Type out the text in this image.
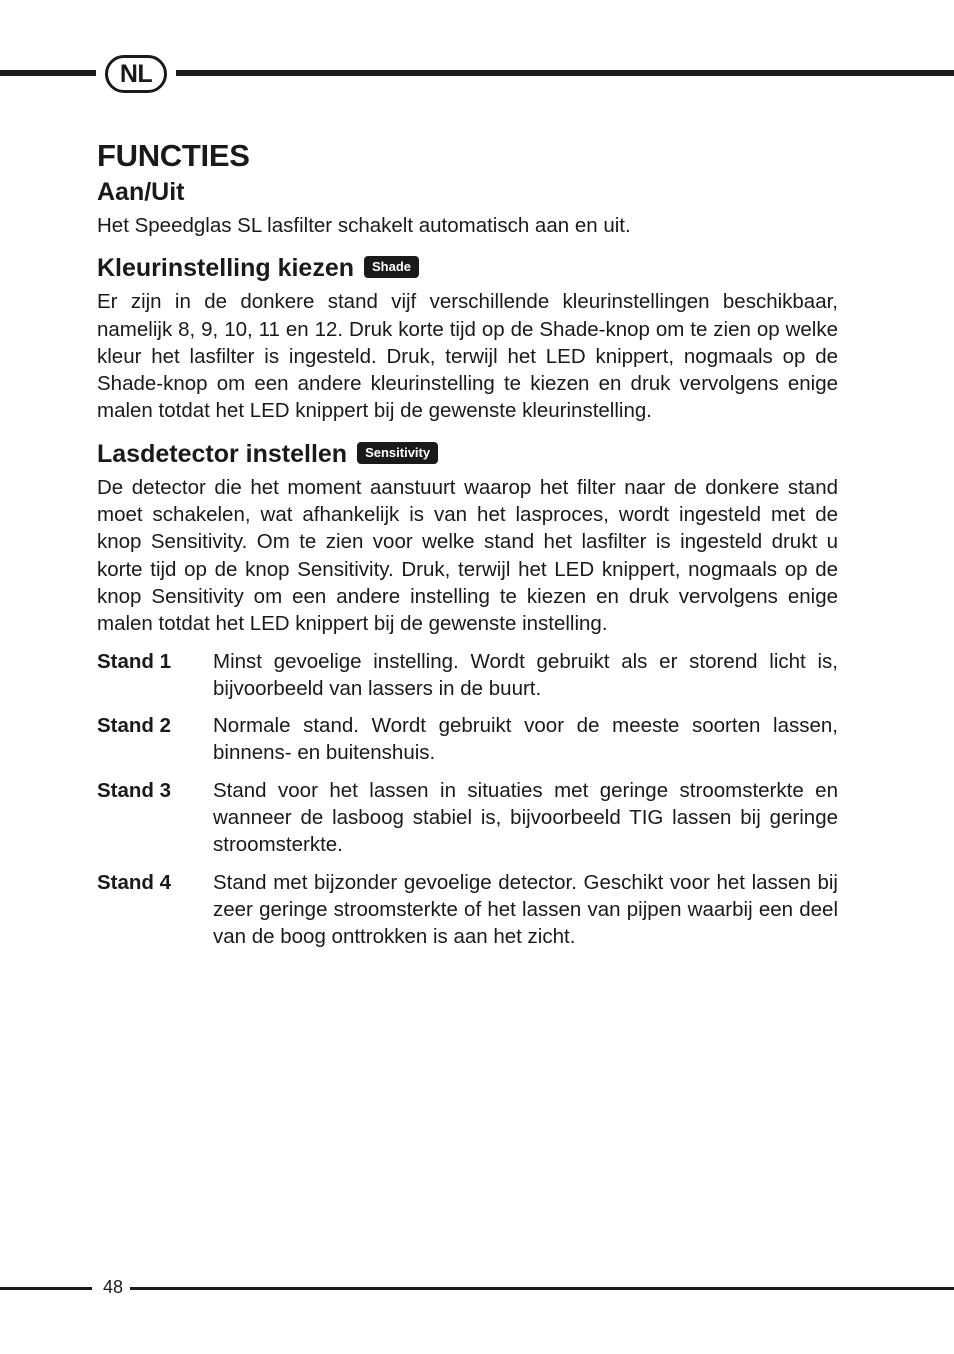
NL
FUNCTIES
Aan/Uit

Het Speedglas SL lasfilter schakelt automatisch aan en uit.

Kleurinstelling kiezen	Shade

Er zijn in de donkere stand vijf verschillende kleurinstellingen beschikbaar, namelijk 8, 9, 10, 11 en 12. Druk korte tijd op de Shade-knop om te zien op welke kleur het lasfilter is ingesteld. Druk, terwijl het LED knippert, nogmaals op de Shade-knop om een andere kleurinstelling te kiezen en druk vervolgens enige malen totdat het LED knippert bij de gewenste kleurinstelling.

Lasdetector instellen	Sensitivity

De detector die het moment aanstuurt waarop het filter naar de donkere stand moet schakelen, wat afhankelijk is van het lasproces, wordt ingesteld met de knop Sensitivity. Om te zien voor welke stand het lasfilter is ingesteld drukt u korte tijd op de knop Sensitivity. Druk, terwijl het LED knippert, nogmaals op de knop Sensitivity om een andere instelling te kiezen en druk vervolgens enige malen totdat het LED knippert bij de gewenste instelling.

Stand 1	Minst gevoelige instelling. Wordt gebruikt als er storend licht is, bijvoorbeeld van lassers in de buurt.
Stand 2	Normale stand. Wordt gebruikt voor de meeste soorten lassen, binnens- en buitenshuis.
Stand 3	Stand voor het lassen in situaties met geringe stroomsterkte en wanneer de lasboog stabiel is, bijvoorbeeld TIG lassen bij geringe stroomsterkte.
Stand 4	Stand met bijzonder gevoelige detector. Geschikt voor het lassen bij zeer geringe stroomsterkte of het lassen van pijpen waarbij een deel van de boog onttrokken is aan het zicht.
48
